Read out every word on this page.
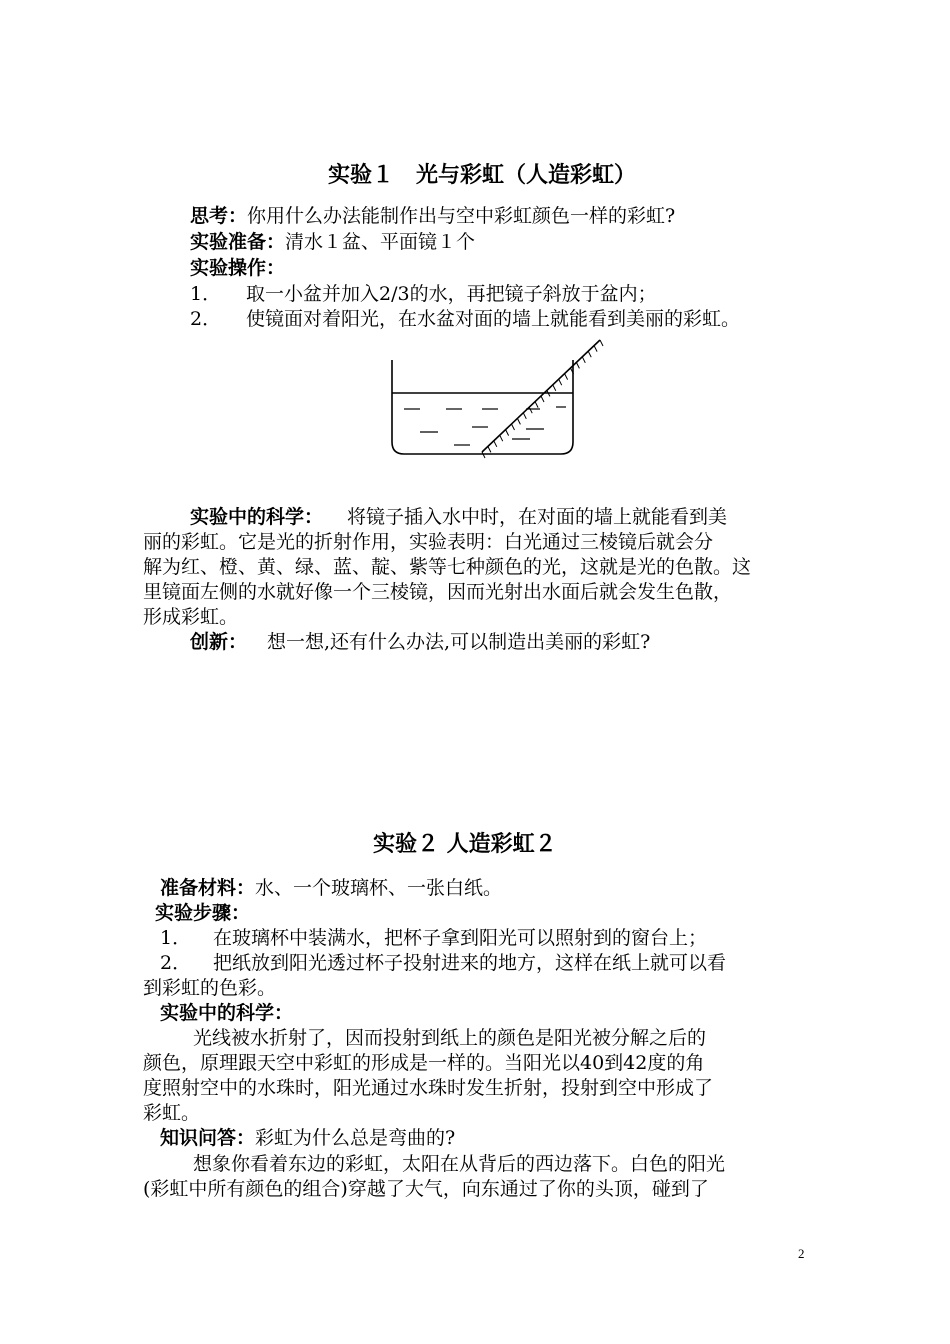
实验１　光与彩虹（人造彩虹）
思考：你用什么办法能制作出与空中彩虹颜色一样的彩虹?
实验准备：清水１盆、平面镜１个
实验操作：
1． 取一小盆并加入2/3的水，再把镜子斜放于盆内；
2． 使镜面对着阳光，在水盆对面的墙上就能看到美丽的彩虹。
实验中的科学： 将镜子插入水中时，在对面的墙上就能看到美
丽的彩虹。它是光的折射作用，实验表明：白光通过三棱镜后就会分
解为红、橙、黄、绿、蓝、靛、紫等七种颜色的光，这就是光的色散。这
里镜面左侧的水就好像一个三棱镜，因而光射出水面后就会发生色散，
形成彩虹。
创新： 想一想,还有什么办法,可以制造出美丽的彩虹?
实验２ 人造彩虹２
准备材料：水、一个玻璃杯、一张白纸。
实验步骤：
1． 在玻璃杯中装满水，把杯子拿到阳光可以照射到的窗台上；
2． 把纸放到阳光透过杯子投射进来的地方，这样在纸上就可以看
到彩虹的色彩。
实验中的科学：
光线被水折射了，因而投射到纸上的颜色是阳光被分解之后的
颜色，原理跟天空中彩虹的形成是一样的。当阳光以40到42度的角
度照射空中的水珠时，阳光通过水珠时发生折射，投射到空中形成了
彩虹。
知识问答：彩虹为什么总是弯曲的?
想象你看着东边的彩虹，太阳在从背后的西边落下。白色的阳光
(彩虹中所有颜色的组合)穿越了大气，向东通过了你的头顶，碰到了
2
